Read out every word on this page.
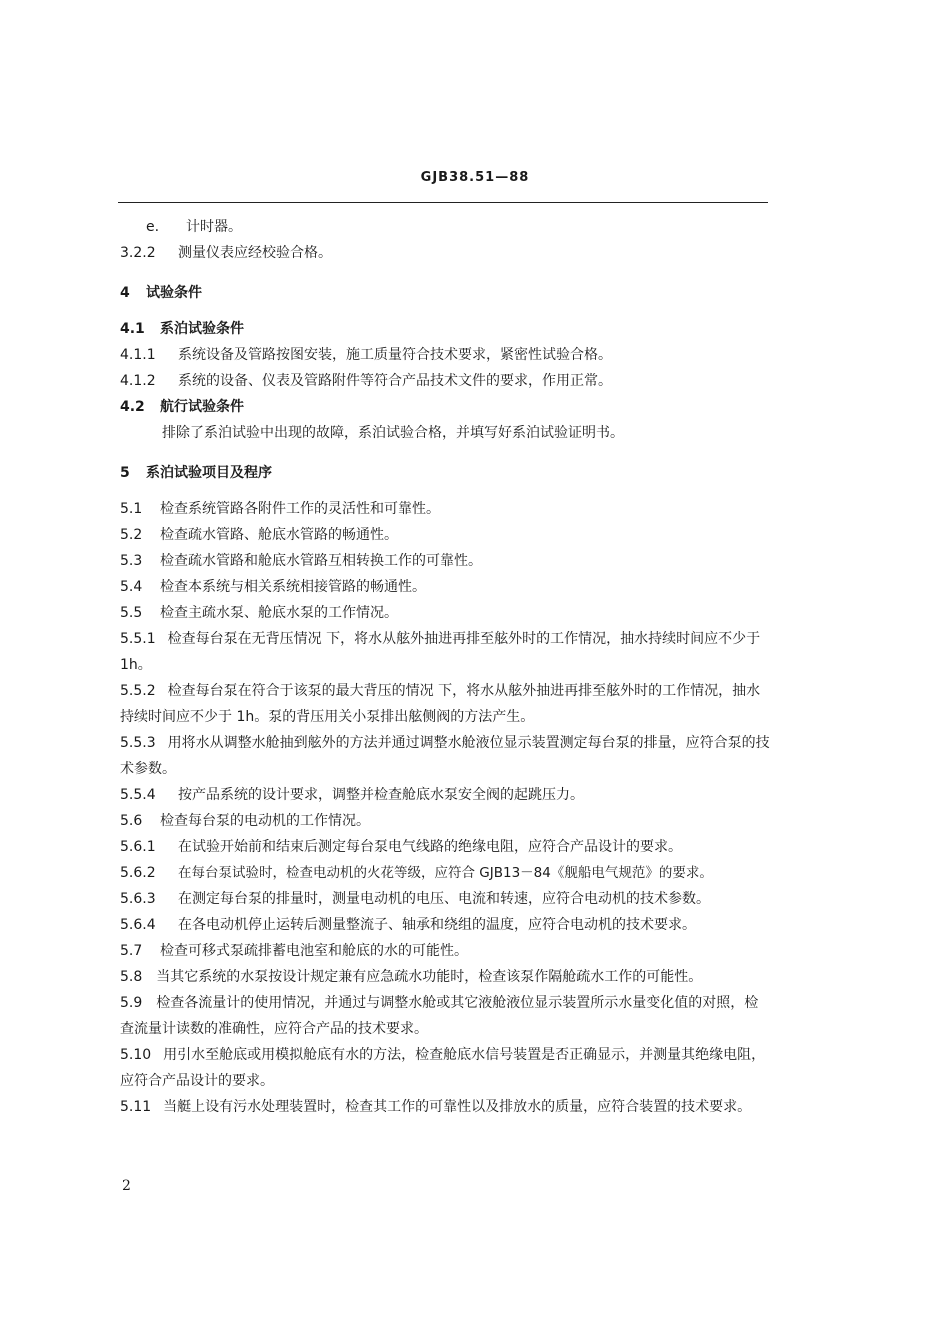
GJB38.51—88
e.	计时器。
3.2.2	测量仪表应经校验合格。
4	试验条件
4.1	系泊试验条件
4.1.1	系统设备及管路按图安装，施工质量符合技术要求，紧密性试验合格。
4.1.2	系统的设备、仪表及管路附件等符合产品技术文件的要求，作用正常。
4.2	航行试验条件
排除了系泊试验中出现的故障，系泊试验合格，并填写好系泊试验证明书。
5	系泊试验项目及程序
5.1	检查系统管路各附件工作的灵活性和可靠性。
5.2	检查疏水管路、舱底水管路的畅通性。
5.3	检查疏水管路和舱底水管路互相转换工作的可靠性。
5.4	检查本系统与相关系统相接管路的畅通性。
5.5	检查主疏水泵、舱底水泵的工作情况。
5.5.1 检查每台泵在无背压情况 下，将水从舷外抽进再排至舷外时的工作情况，抽水持续时间应不少于 1h。
5.5.2 检查每台泵在符合于该泵的最大背压的情况 下，将水从舷外抽进再排至舷外时的工作情况，抽水持续时间应不少于 1h。泵的背压用关小泵排出舷侧阀的方法产生。
5.5.3 用将水从调整水舱抽到舷外的方法并通过调整水舱液位显示装置测定每台泵的排量，应符合泵的技术参数。
5.5.4	按产品系统的设计要求，调整并检查舱底水泵安全阀的起跳压力。
5.6	检查每台泵的电动机的工作情况。
5.6.1	在试验开始前和结束后测定每台泵电气线路的绝缘电阻，应符合产品设计的要求。
5.6.2	在每台泵试验时，检查电动机的火花等级，应符合 GJB13－84《舰船电气规范》的要求。
5.6.3	在测定每台泵的排量时，测量电动机的电压、电流和转速，应符合电动机的技术参数。
5.6.4	在各电动机停止运转后测量整流子、轴承和绕组的温度，应符合电动机的技术要求。
5.7	检查可移式泵疏排蓄电池室和舱底的水的可能性。
5.8 当其它系统的水泵按设计规定兼有应急疏水功能时，检查该泵作隔舱疏水工作的可能性。
5.9 检查各流量计的使用情况，并通过与调整水舱或其它液舱液位显示装置所示水量变化值的对照，检查流量计读数的准确性，应符合产品的技术要求。
5.10 用引水至舱底或用模拟舱底有水的方法，检查舱底水信号装置是否正确显示，并测量其绝缘电阻，应符合产品设计的要求。
5.11 当艇上设有污水处理装置时，检查其工作的可靠性以及排放水的质量，应符合装置的技术要求。
2
